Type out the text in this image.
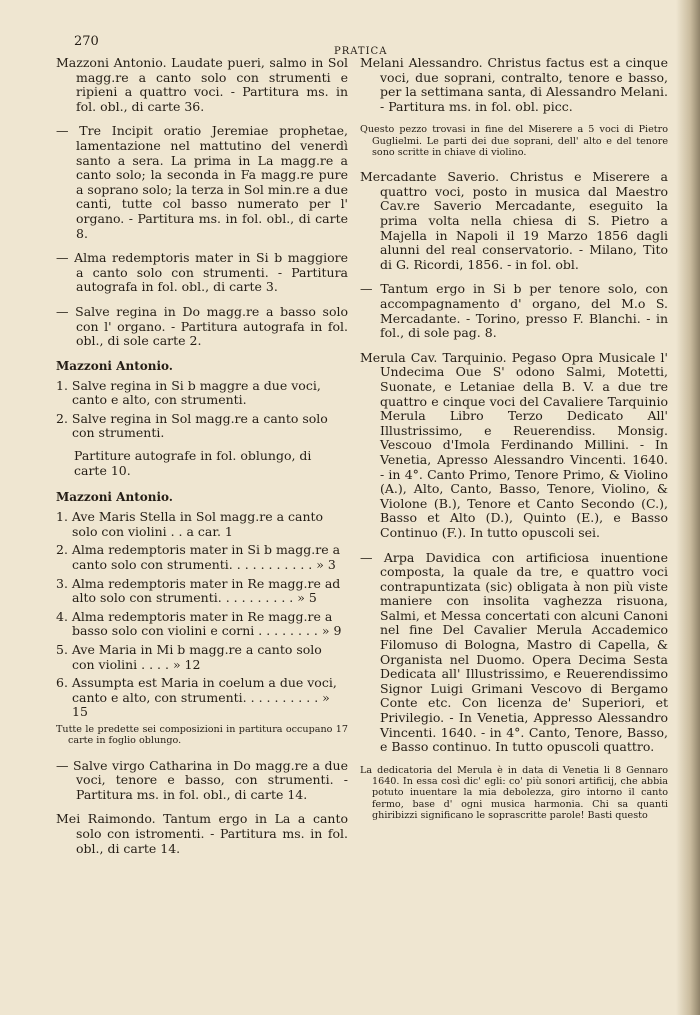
270
PRATICA

Mazzoni Antonio. Laudate pueri, salmo in Sol magg.re a canto solo con strumenti e ripieni a quattro voci. - Partitura ms. in fol. obl., di carte 36.

— Tre Incipit oratio Jeremiae prophetae, lamentazione nel mattutino del venerdì santo a sera. La prima in La magg.re a canto solo; la seconda in Fa magg.re pure a soprano solo; la terza in Sol min.re a due canti, tutte col basso numerato per l' organo. - Partitura ms. in fol. obl., di carte 8.

— Alma redemptoris mater in Si b maggiore a canto solo con strumenti. - Partitura autografa in fol. obl., di carte 3.

— Salve regina in Do magg.re a basso solo con l' organo. - Partitura autografa in fol. obl., di sole carte 2.

Mazzoni Antonio.

1. Salve regina in Si b maggre a due voci, canto e alto, con strumenti.
2. Salve regina in Sol magg.re a canto solo con strumenti.

Partiture autografe in fol. oblungo, di carte 10.

Mazzoni Antonio.

1. Ave Maris Stella in Sol magg.re a canto solo con violini . . a car. 1
2. Alma redemptoris mater in Si b magg.re a canto solo con strumenti. . . . . . . . . . . » 3
3. Alma redemptoris mater in Re magg.re ad alto solo con strumenti. . . . . . . . . . » 5
4. Alma redemptoris mater in Re magg.re a basso solo con violini e corni . . . . . . . . » 9
5. Ave Maria in Mi b magg.re a canto solo con violini . . . . » 12
6. Assumpta est Maria in coelum a due voci, canto e alto, con strumenti. . . . . . . . . . » 15

Tutte le predette sei composizioni in partitura occupano 17 carte in foglio oblungo.

— Salve virgo Catharina in Do magg.re a due voci, tenore e basso, con strumenti. - Partitura ms. in fol. obl., di carte 14.

Mei Raimondo. Tantum ergo in La a canto solo con istromenti. - Partitura ms. in fol. obl., di carte 14.

Melani Alessandro. Christus factus est a cinque voci, due soprani, contralto, tenore e basso, per la settimana santa, di Alessandro Melani. - Partitura ms. in fol. obl. picc.

Questo pezzo trovasi in fine del Miserere a 5 voci di Pietro Guglielmi. Le parti dei due soprani, dell' alto e del tenore sono scritte in chiave di violino.

Mercadante Saverio. Christus e Miserere a quattro voci, posto in musica dal Maestro Cav.re Saverio Mercadante, eseguito la prima volta nella chiesa di S. Pietro a Majella in Napoli il 19 Marzo 1856 dagli alunni del real conservatorio. - Milano, Tito di G. Ricordi, 1856. - in fol. obl.

— Tantum ergo in Si b per tenore solo, con accompagnamento d' organo, del M.o S. Mercadante. - Torino, presso F. Blanchi. - in fol., di sole pag. 8.

Merula Cav. Tarquinio. Pegaso Opra Musicale l' Undecima Oue S' odono Salmi, Motetti, Suonate, e Letaniae della B. V. a due tre quattro e cinque voci del Cavaliere Tarquinio Merula Libro Terzo Dedicato All' Illustrissimo, e Reuerendiss. Monsig. Vescouo d'Imola Ferdinando Millini. - In Venetia, Apresso Alessandro Vincenti. 1640. - in 4°. Canto Primo, Tenore Primo, & Violino (A.), Alto, Canto, Basso, Tenore, Violino, & Violone (B.), Tenore et Canto Secondo (C.), Basso et Alto (D.), Quinto (E.), e Basso Continuo (F.). In tutto opuscoli sei.

— Arpa Davidica con artificiosa inuentione composta, la quale da tre, e quattro voci contrapuntizata (sic) obligata à non più viste maniere con insolita vaghezza risuona, Salmi, et Messa concertati con alcuni Canoni nel fine Del Cavalier Merula Accademico Filomuso di Bologna, Mastro di Capella, & Organista nel Duomo. Opera Decima Sesta Dedicata all' Illustrissimo, e Reuerendissimo Signor Luigi Grimani Vescovo di Bergamo Conte etc. Con licenza de' Superiori, et Privilegio. - In Venetia, Appresso Alessandro Vincenti. 1640. - in 4°. Canto, Tenore, Basso, e Basso continuo. In tutto opuscoli quattro.

La dedicatoria del Merula è in data di Venetia li 8 Gennaro 1640. In essa così dic' egli: co' più sonori artificij, che abbia potuto inuentare la mia debolezza, giro intorno il canto fermo, base d' ogni musica harmonia. Chi sa quanti ghiribizzi significano le soprascritte parole! Basti questo
